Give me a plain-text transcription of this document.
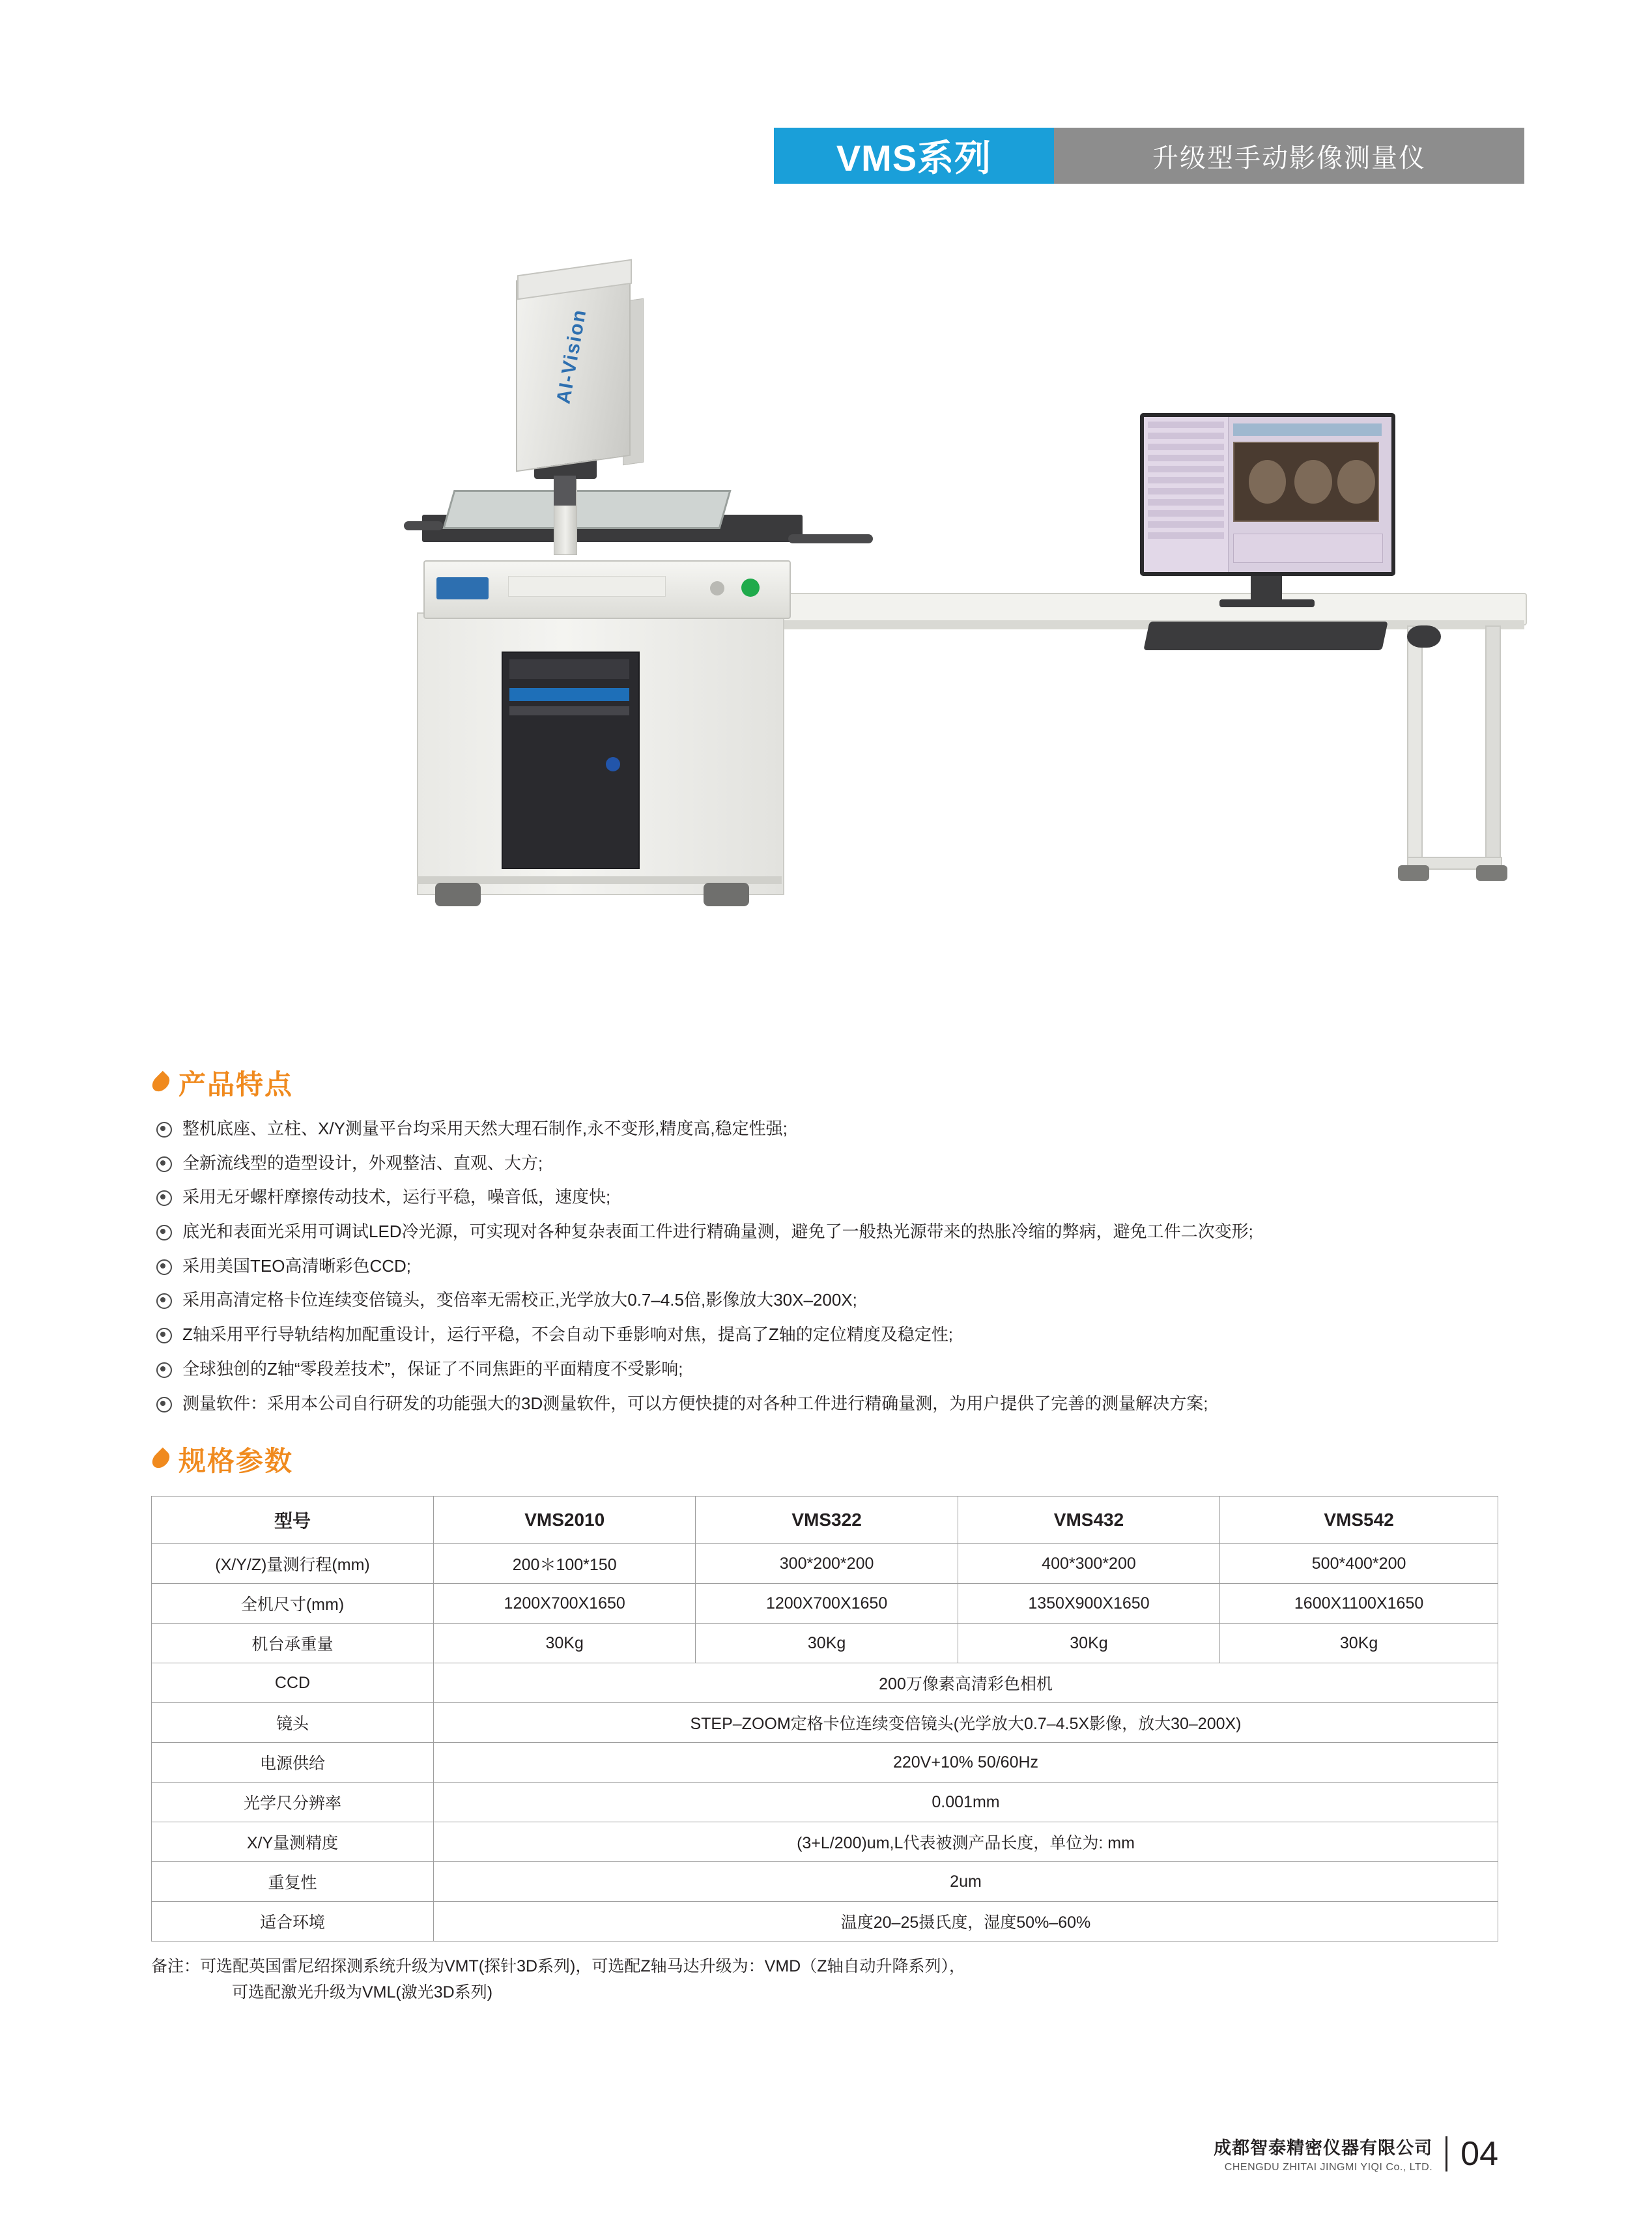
VMS系列	升级型手动影像测量仪
AI-Vision
产品特点
整机底座、立柱、X/Y测量平台均采用天然大理石制作,永不变形,精度高,稳定性强;
全新流线型的造型设计，外观整洁、直观、大方;
采用无牙螺杆摩擦传动技术，运行平稳，噪音低，速度快;
底光和表面光采用可调试LED冷光源，可实现对各种复杂表面工件进行精确量测，避免了一般热光源带来的热胀冷缩的弊病，避免工件二次变形;
采用美国TEO高清晰彩色CCD;
采用高清定格卡位连续变倍镜头，变倍率无需校正,光学放大0.7–4.5倍,影像放大30X–200X;
Z轴采用平行导轨结构加配重设计，运行平稳，不会自动下垂影响对焦，提高了Z轴的定位精度及稳定性;
全球独创的Z轴“零段差技术”，保证了不同焦距的平面精度不受影响;
测量软件：采用本公司自行研发的功能强大的3D测量软件，可以方便快捷的对各种工件进行精确量测，为用户提供了完善的测量解决方案;
规格参数
型号	VMS2010	VMS322	VMS432	VMS542
(X/Y/Z)量测行程(mm)	200＊100*150	300*200*200	400*300*200	500*400*200
全机尺寸(mm)	1200X700X1650	1200X700X1650	1350X900X1650	1600X1100X1650
机台承重量	30Kg	30Kg	30Kg	30Kg
CCD	200万像素高清彩色相机			
镜头	STEP–ZOOM定格卡位连续变倍镜头(光学放大0.7–4.5X影像，放大30–200X)			
电源供给	220V+10% 50/60Hz			
光学尺分辨率	0.001mm			
X/Y量测精度	(3+L/200)um,L代表被测产品长度，单位为: mm			
重复性	2um			
适合环境	温度20–25摄氏度，湿度50%–60%			
备注：可选配英国雷尼绍探测系统升级为VMT(探针3D系列)，可选配Z轴马达升级为：VMD（Z轴自动升降系列），
可选配激光升级为VML(激光3D系列)
成都智泰精密仪器有限公司
CHENGDU ZHITAI JINGMI YIQI Co., LTD. 04
